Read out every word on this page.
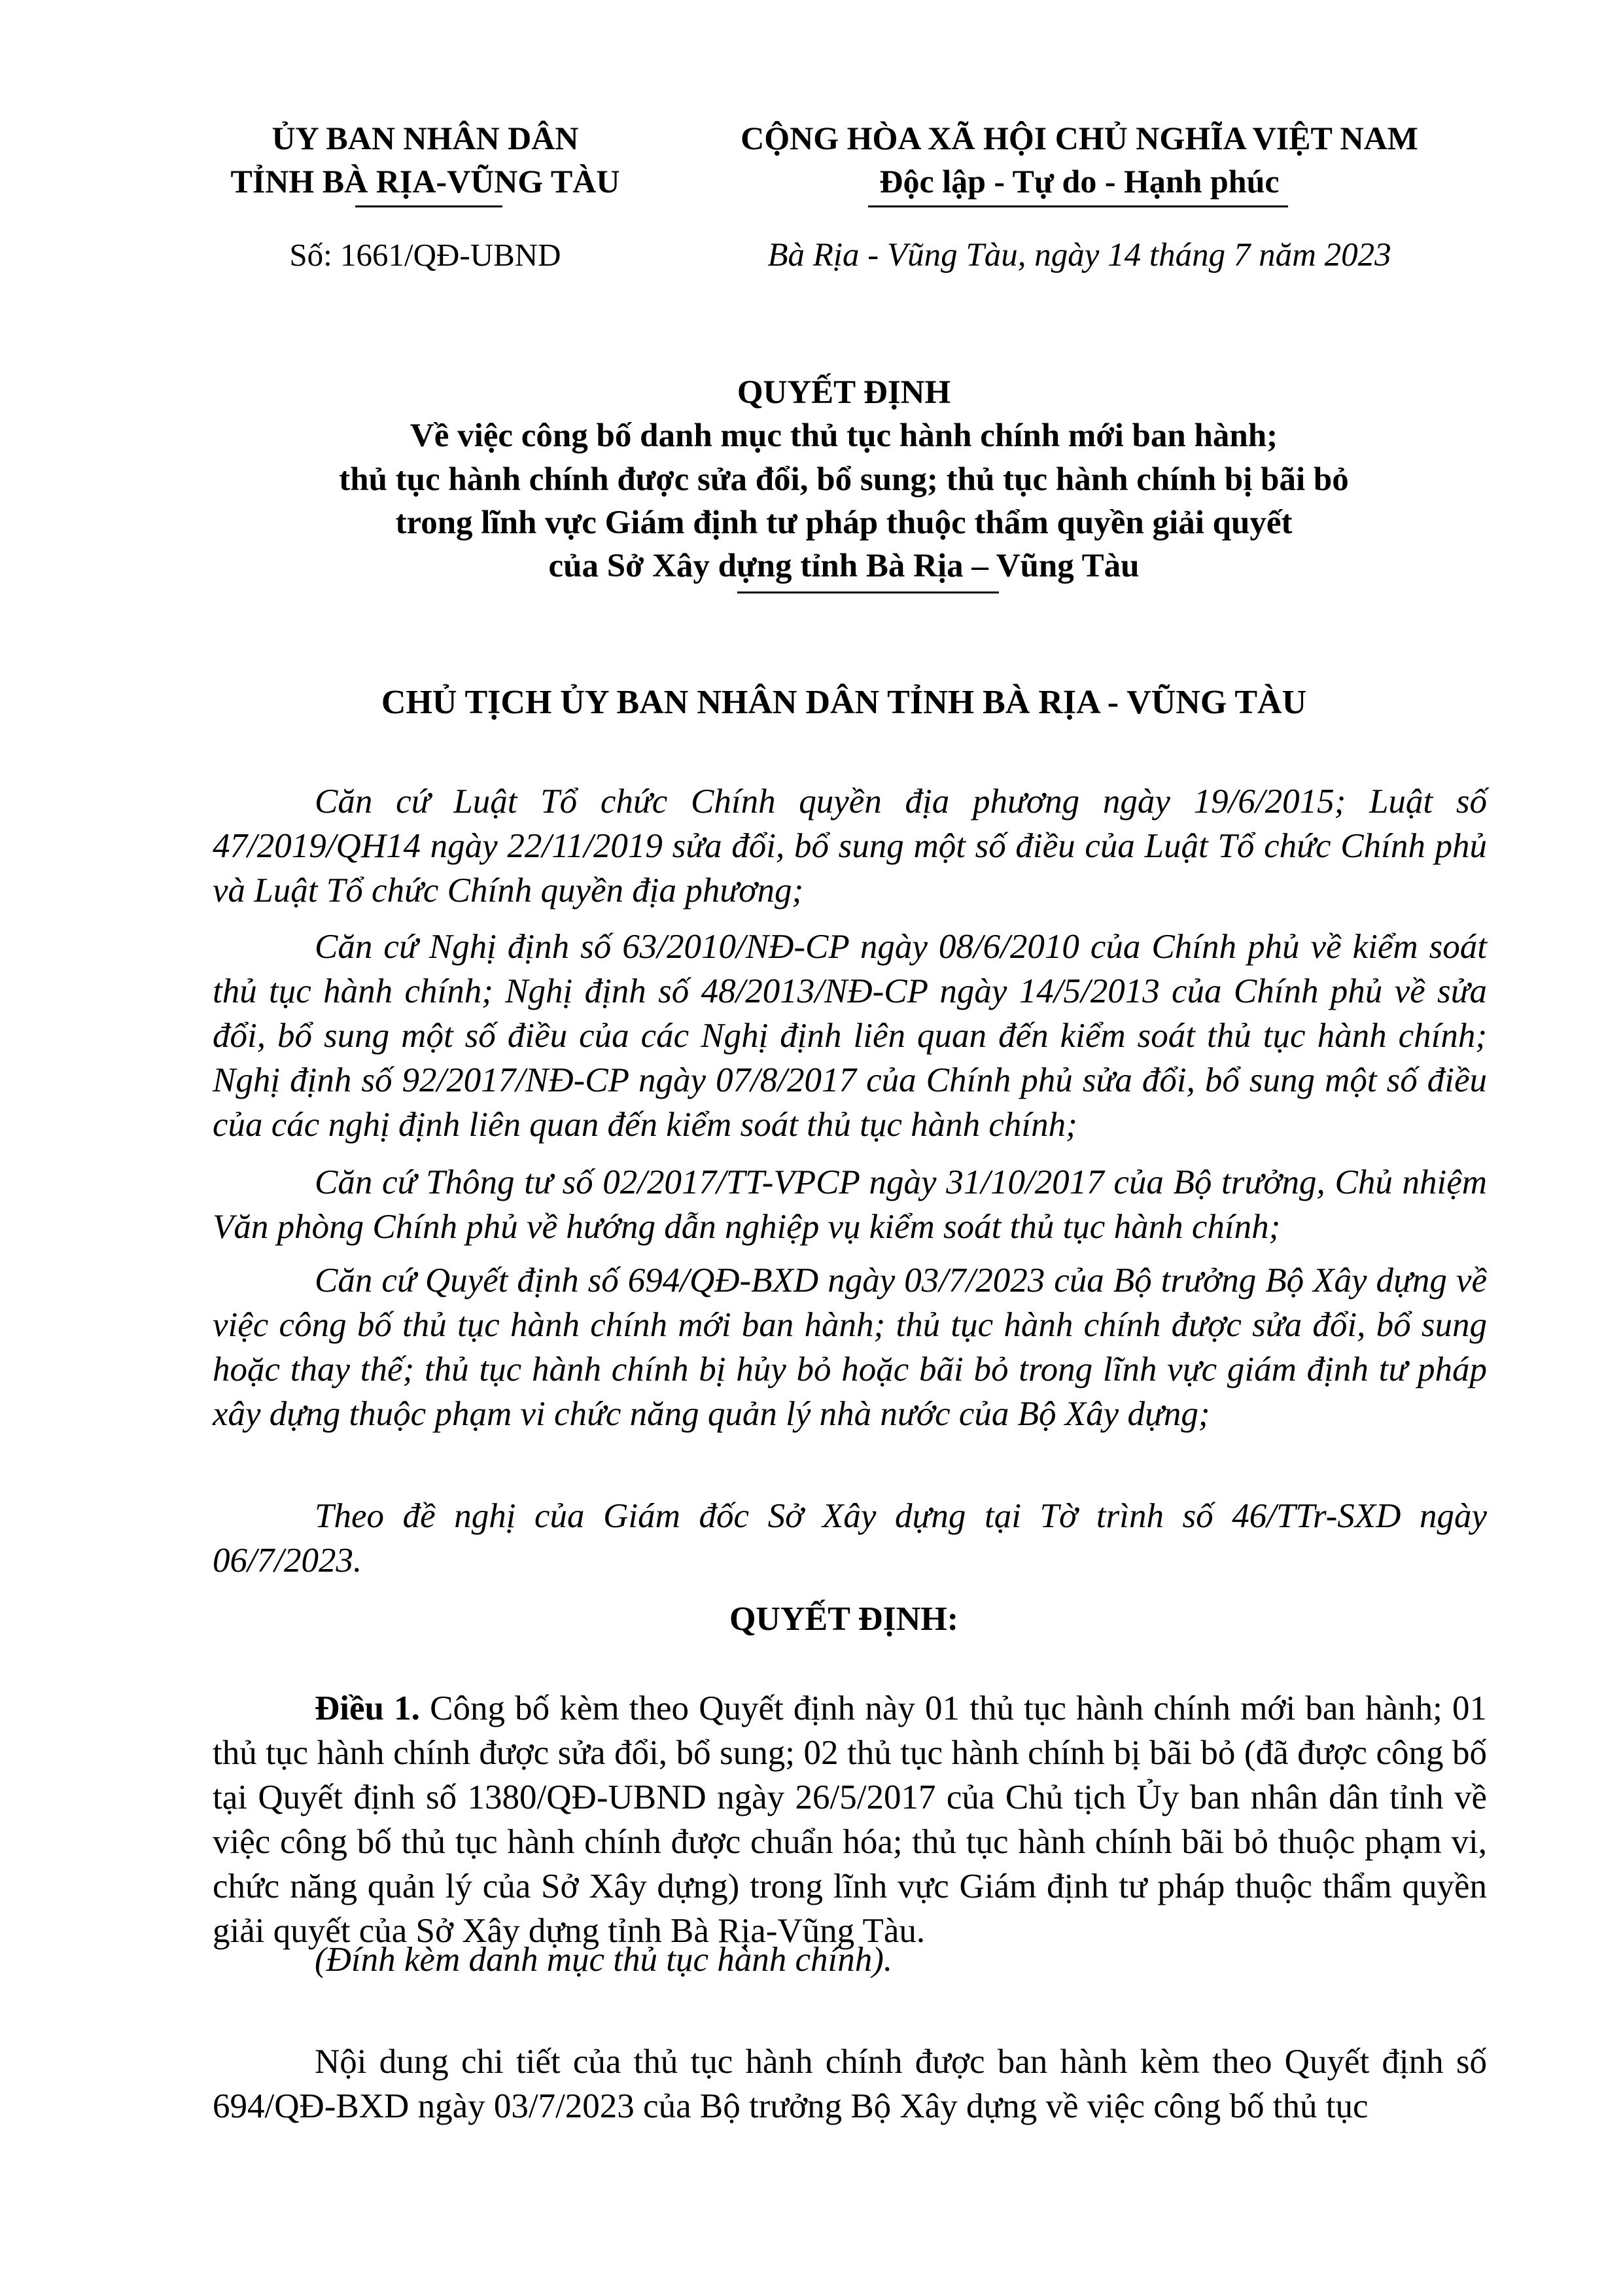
ỦY BAN NHÂN DÂN
TỈNH BÀ RỊA-VŨNG TÀU
Số: 1661/QĐ-UBND
CỘNG HÒA XÃ HỘI CHỦ NGHĨA VIỆT NAM
Độc lập - Tự do - Hạnh phúc
Bà Rịa - Vũng Tàu, ngày 14 tháng 7 năm 2023
QUYẾT ĐỊNH
Về việc công bố danh mục thủ tục hành chính mới ban hành;
thủ tục hành chính được sửa đổi, bổ sung; thủ tục hành chính bị bãi bỏ
trong lĩnh vực Giám định tư pháp thuộc thẩm quyền giải quyết
của Sở Xây dựng tỉnh Bà Rịa – Vũng Tàu
CHỦ TỊCH ỦY BAN NHÂN DÂN TỈNH BÀ RỊA - VŨNG TÀU

Căn cứ Luật Tổ chức Chính quyền địa phương ngày 19/6/2015; Luật số 47/2019/QH14 ngày 22/11/2019 sửa đổi, bổ sung một số điều của Luật Tổ chức Chính phủ và Luật Tổ chức Chính quyền địa phương;

Căn cứ Nghị định số 63/2010/NĐ-CP ngày 08/6/2010 của Chính phủ về kiểm soát thủ tục hành chính; Nghị định số 48/2013/NĐ-CP ngày 14/5/2013 của Chính phủ về sửa đổi, bổ sung một số điều của các Nghị định liên quan đến kiểm soát thủ tục hành chính; Nghị định số 92/2017/NĐ-CP ngày 07/8/2017 của Chính phủ sửa đổi, bổ sung một số điều của các nghị định liên quan đến kiểm soát thủ tục hành chính;

Căn cứ Thông tư số 02/2017/TT-VPCP ngày 31/10/2017 của Bộ trưởng, Chủ nhiệm Văn phòng Chính phủ về hướng dẫn nghiệp vụ kiểm soát thủ tục hành chính;

Căn cứ Quyết định số 694/QĐ-BXD ngày 03/7/2023 của Bộ trưởng Bộ Xây dựng về việc công bố thủ tục hành chính mới ban hành; thủ tục hành chính được sửa đổi, bổ sung hoặc thay thế; thủ tục hành chính bị hủy bỏ hoặc bãi bỏ trong lĩnh vực giám định tư pháp xây dựng thuộc phạm vi chức năng quản lý nhà nước của Bộ Xây dựng;

Theo đề nghị của Giám đốc Sở Xây dựng tại Tờ trình số 46/TTr-SXD ngày 06/7/2023.

QUYẾT ĐỊNH:

Điều 1. Công bố kèm theo Quyết định này 01 thủ tục hành chính mới ban hành; 01 thủ tục hành chính được sửa đổi, bổ sung; 02 thủ tục hành chính bị bãi bỏ (đã được công bố tại Quyết định số 1380/QĐ-UBND ngày 26/5/2017 của Chủ tịch Ủy ban nhân dân tỉnh về việc công bố thủ tục hành chính được chuẩn hóa; thủ tục hành chính bãi bỏ thuộc phạm vi, chức năng quản lý của Sở Xây dựng) trong lĩnh vực Giám định tư pháp thuộc thẩm quyền giải quyết của Sở Xây dựng tỉnh Bà Rịa-Vũng Tàu.

(Đính kèm danh mục thủ tục hành chính).

Nội dung chi tiết của thủ tục hành chính được ban hành kèm theo Quyết định số 694/QĐ-BXD ngày 03/7/2023 của Bộ trưởng Bộ Xây dựng về việc công bố thủ tục
